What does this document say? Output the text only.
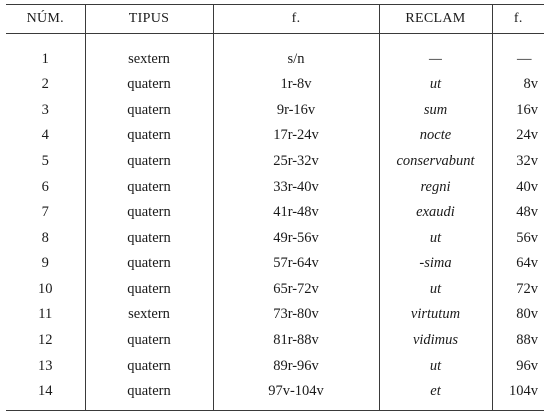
NÚM.	TIPUS	f.	RECLAM	f.
1	sextern	s/n	—	—
2	quatern	1r-8v	ut	8v
3	quatern	9r-16v	sum	16v
4	quatern	17r-24v	nocte	24v
5	quatern	25r-32v	conservabunt	32v
6	quatern	33r-40v	regni	40v
7	quatern	41r-48v	exaudi	48v
8	quatern	49r-56v	ut	56v
9	quatern	57r-64v	-sima	64v
10	quatern	65r-72v	ut	72v
11	sextern	73r-80v	virtutum	80v
12	quatern	81r-88v	vidimus	88v
13	quatern	89r-96v	ut	96v
14	quatern	97v-104v	et	104v
